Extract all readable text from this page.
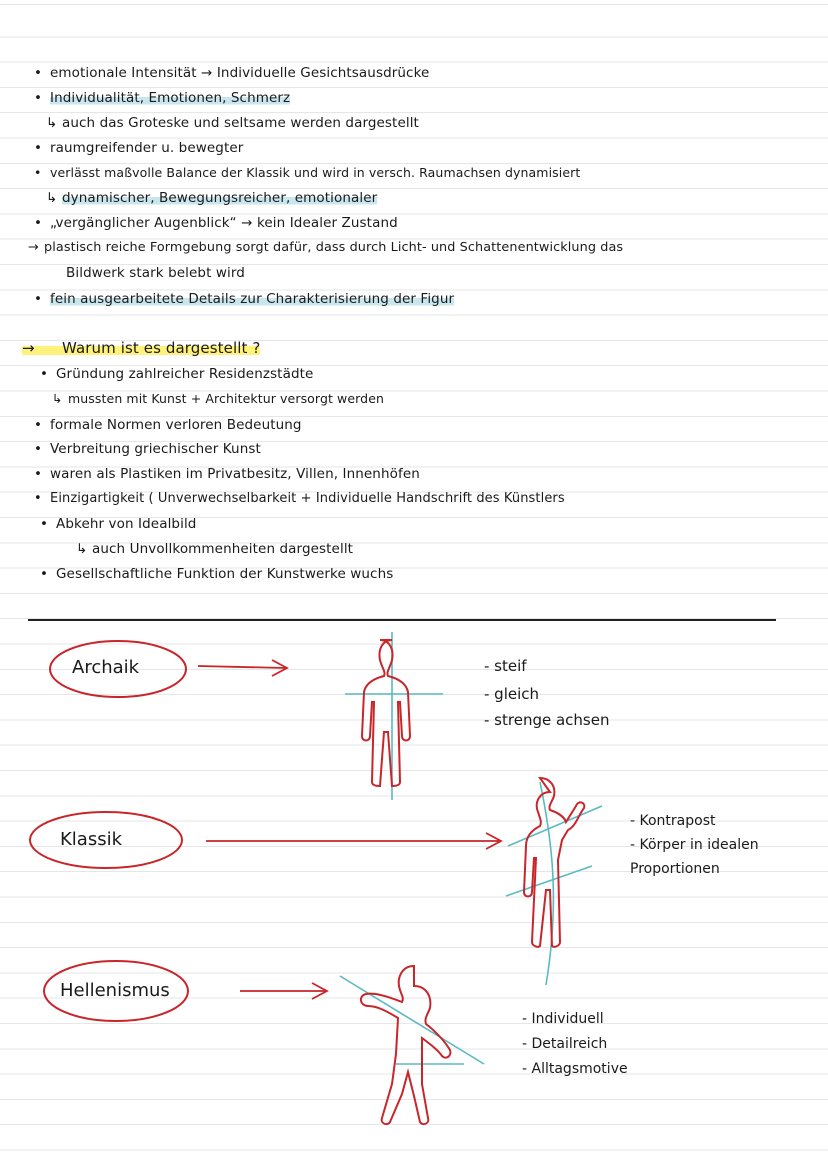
• emotionale Intensität → Individuelle Gesichtsausdrücke
• Individualität, Emotionen, Schmerz
↳ auch das Groteske und seltsame werden dargestellt
• raumgreifender u. bewegter
• verlässt maßvolle Balance der Klassik und wird in versch. Raumachsen dynamisiert
↳ dynamischer, Bewegungsreicher, emotionaler
• „vergänglicher Augenblick“ → kein Idealer Zustand
→ plastisch reiche Formgebung sorgt dafür, dass durch Licht- und Schattenentwicklung das
Bildwerk stark belebt wird
• fein ausgearbeitete Details zur Charakterisierung der Figur
→ Warum ist es dargestellt ?
• Gründung zahlreicher Residenzstädte
↳ mussten mit Kunst + Architektur versorgt werden
• formale Normen verloren Bedeutung
• Verbreitung griechischer Kunst
• waren als Plastiken im Privatbesitz, Villen, Innenhöfen
• Einzigartigkeit ( Unverwechselbarkeit + Individuelle Handschrift des Künstlers
• Abkehr von Idealbild
↳ auch Unvollkommenheiten dargestellt
• Gesellschaftliche Funktion der Kunstwerke wuchs
Archaik
Klassik
Hellenismus
- steif
- gleich
- strenge achsen
- Kontrapost
- Körper in idealen
Proportionen
- Individuell
- Detailreich
- Alltagsmotive
